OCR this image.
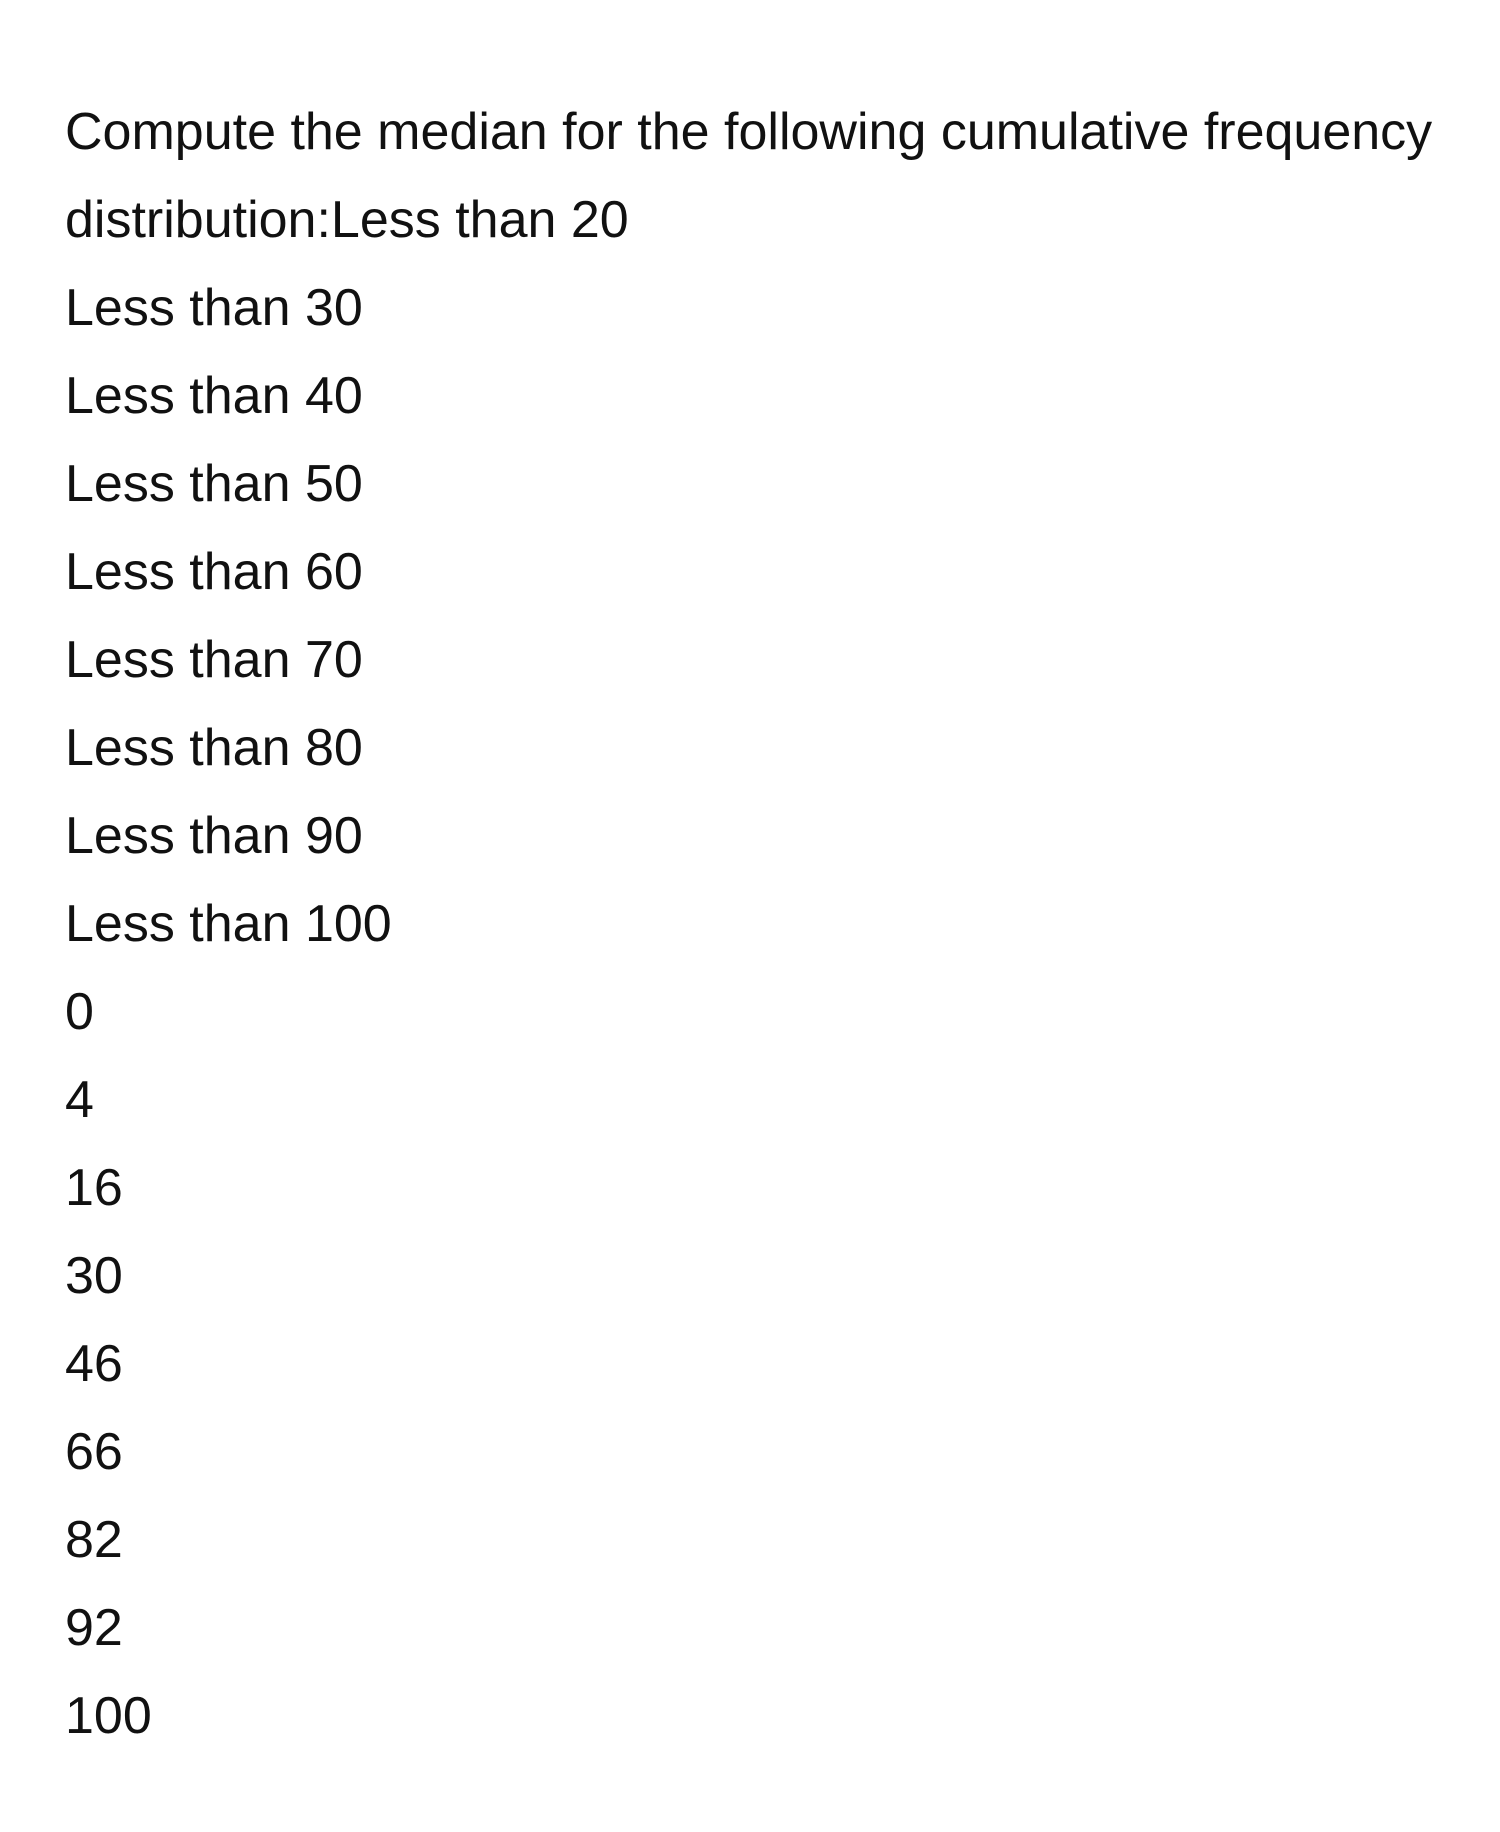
Compute the median for the following cumulative frequency distribution:Less than 20

Less than 30
Less than 40
Less than 50
Less than 60
Less than 70
Less than 80
Less than 90
Less than 100
0
4
16
30
46
66
82
92
100
